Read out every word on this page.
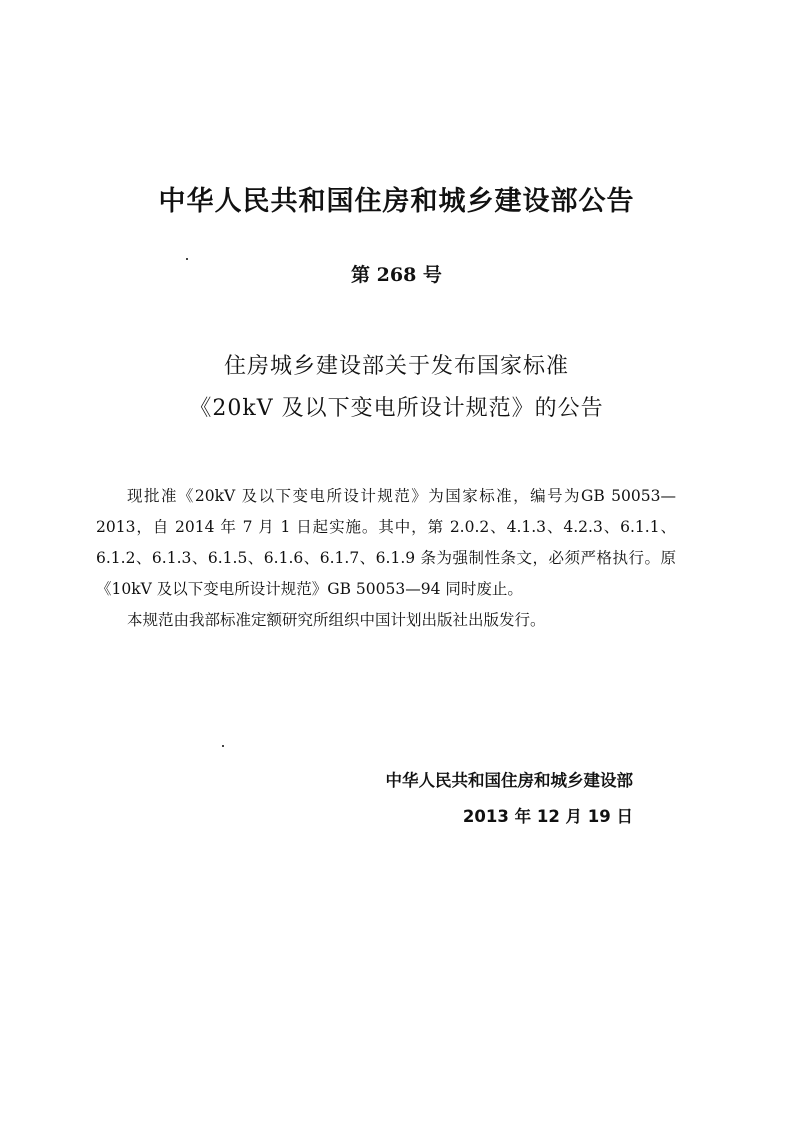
中华人民共和国住房和城乡建设部公告
第 268 号
住房城乡建设部关于发布国家标准
《20kV 及以下变电所设计规范》的公告

现批准《20kV 及以下变电所设计规范》为国家标准，编号为GB 50053—2013，自 2014 年 7 月 1 日起实施。其中，第 2.0.2、4.1.3、4.2.3、6.1.1、6.1.2、6.1.3、6.1.5、6.1.6、6.1.7、6.1.9 条为强制性条文，必须严格执行。原《10kV 及以下变电所设计规范》GB 50053—94 同时废止。

本规范由我部标准定额研究所组织中国计划出版社出版发行。

中华人民共和国住房和城乡建设部
2013 年 12 月 19 日
